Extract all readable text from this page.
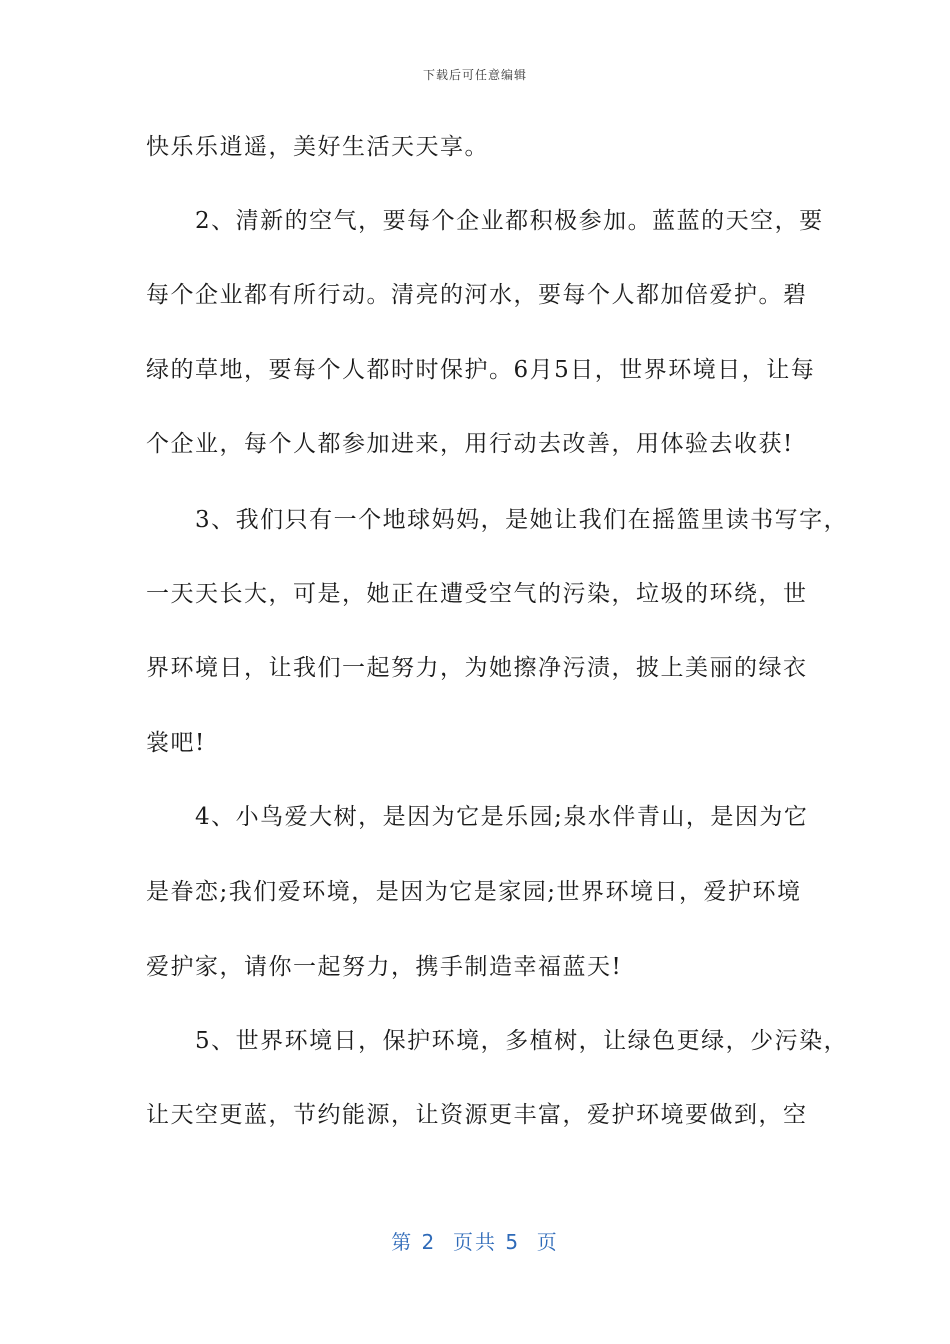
下载后可任意编辑
快乐乐逍遥，美好生活天天享。
　　2、清新的空气，要每个企业都积极参加。蓝蓝的天空，要
每个企业都有所行动。清亮的河水，要每个人都加倍爱护。碧
绿的草地，要每个人都时时保护。6月5日，世界环境日，让每
个企业，每个人都参加进来，用行动去改善，用体验去收获!
　　3、我们只有一个地球妈妈，是她让我们在摇篮里读书写字，
一天天长大，可是，她正在遭受空气的污染，垃圾的环绕，世
界环境日，让我们一起努力，为她擦净污渍，披上美丽的绿衣
裳吧!
　　4、小鸟爱大树，是因为它是乐园;泉水伴青山，是因为它
是眷恋;我们爱环境，是因为它是家园;世界环境日，爱护环境
爱护家，请你一起努力，携手制造幸福蓝天!
　　5、世界环境日，保护环境，多植树，让绿色更绿，少污染，
让天空更蓝，节约能源，让资源更丰富，爱护环境要做到，空
第 2  页共 5  页
